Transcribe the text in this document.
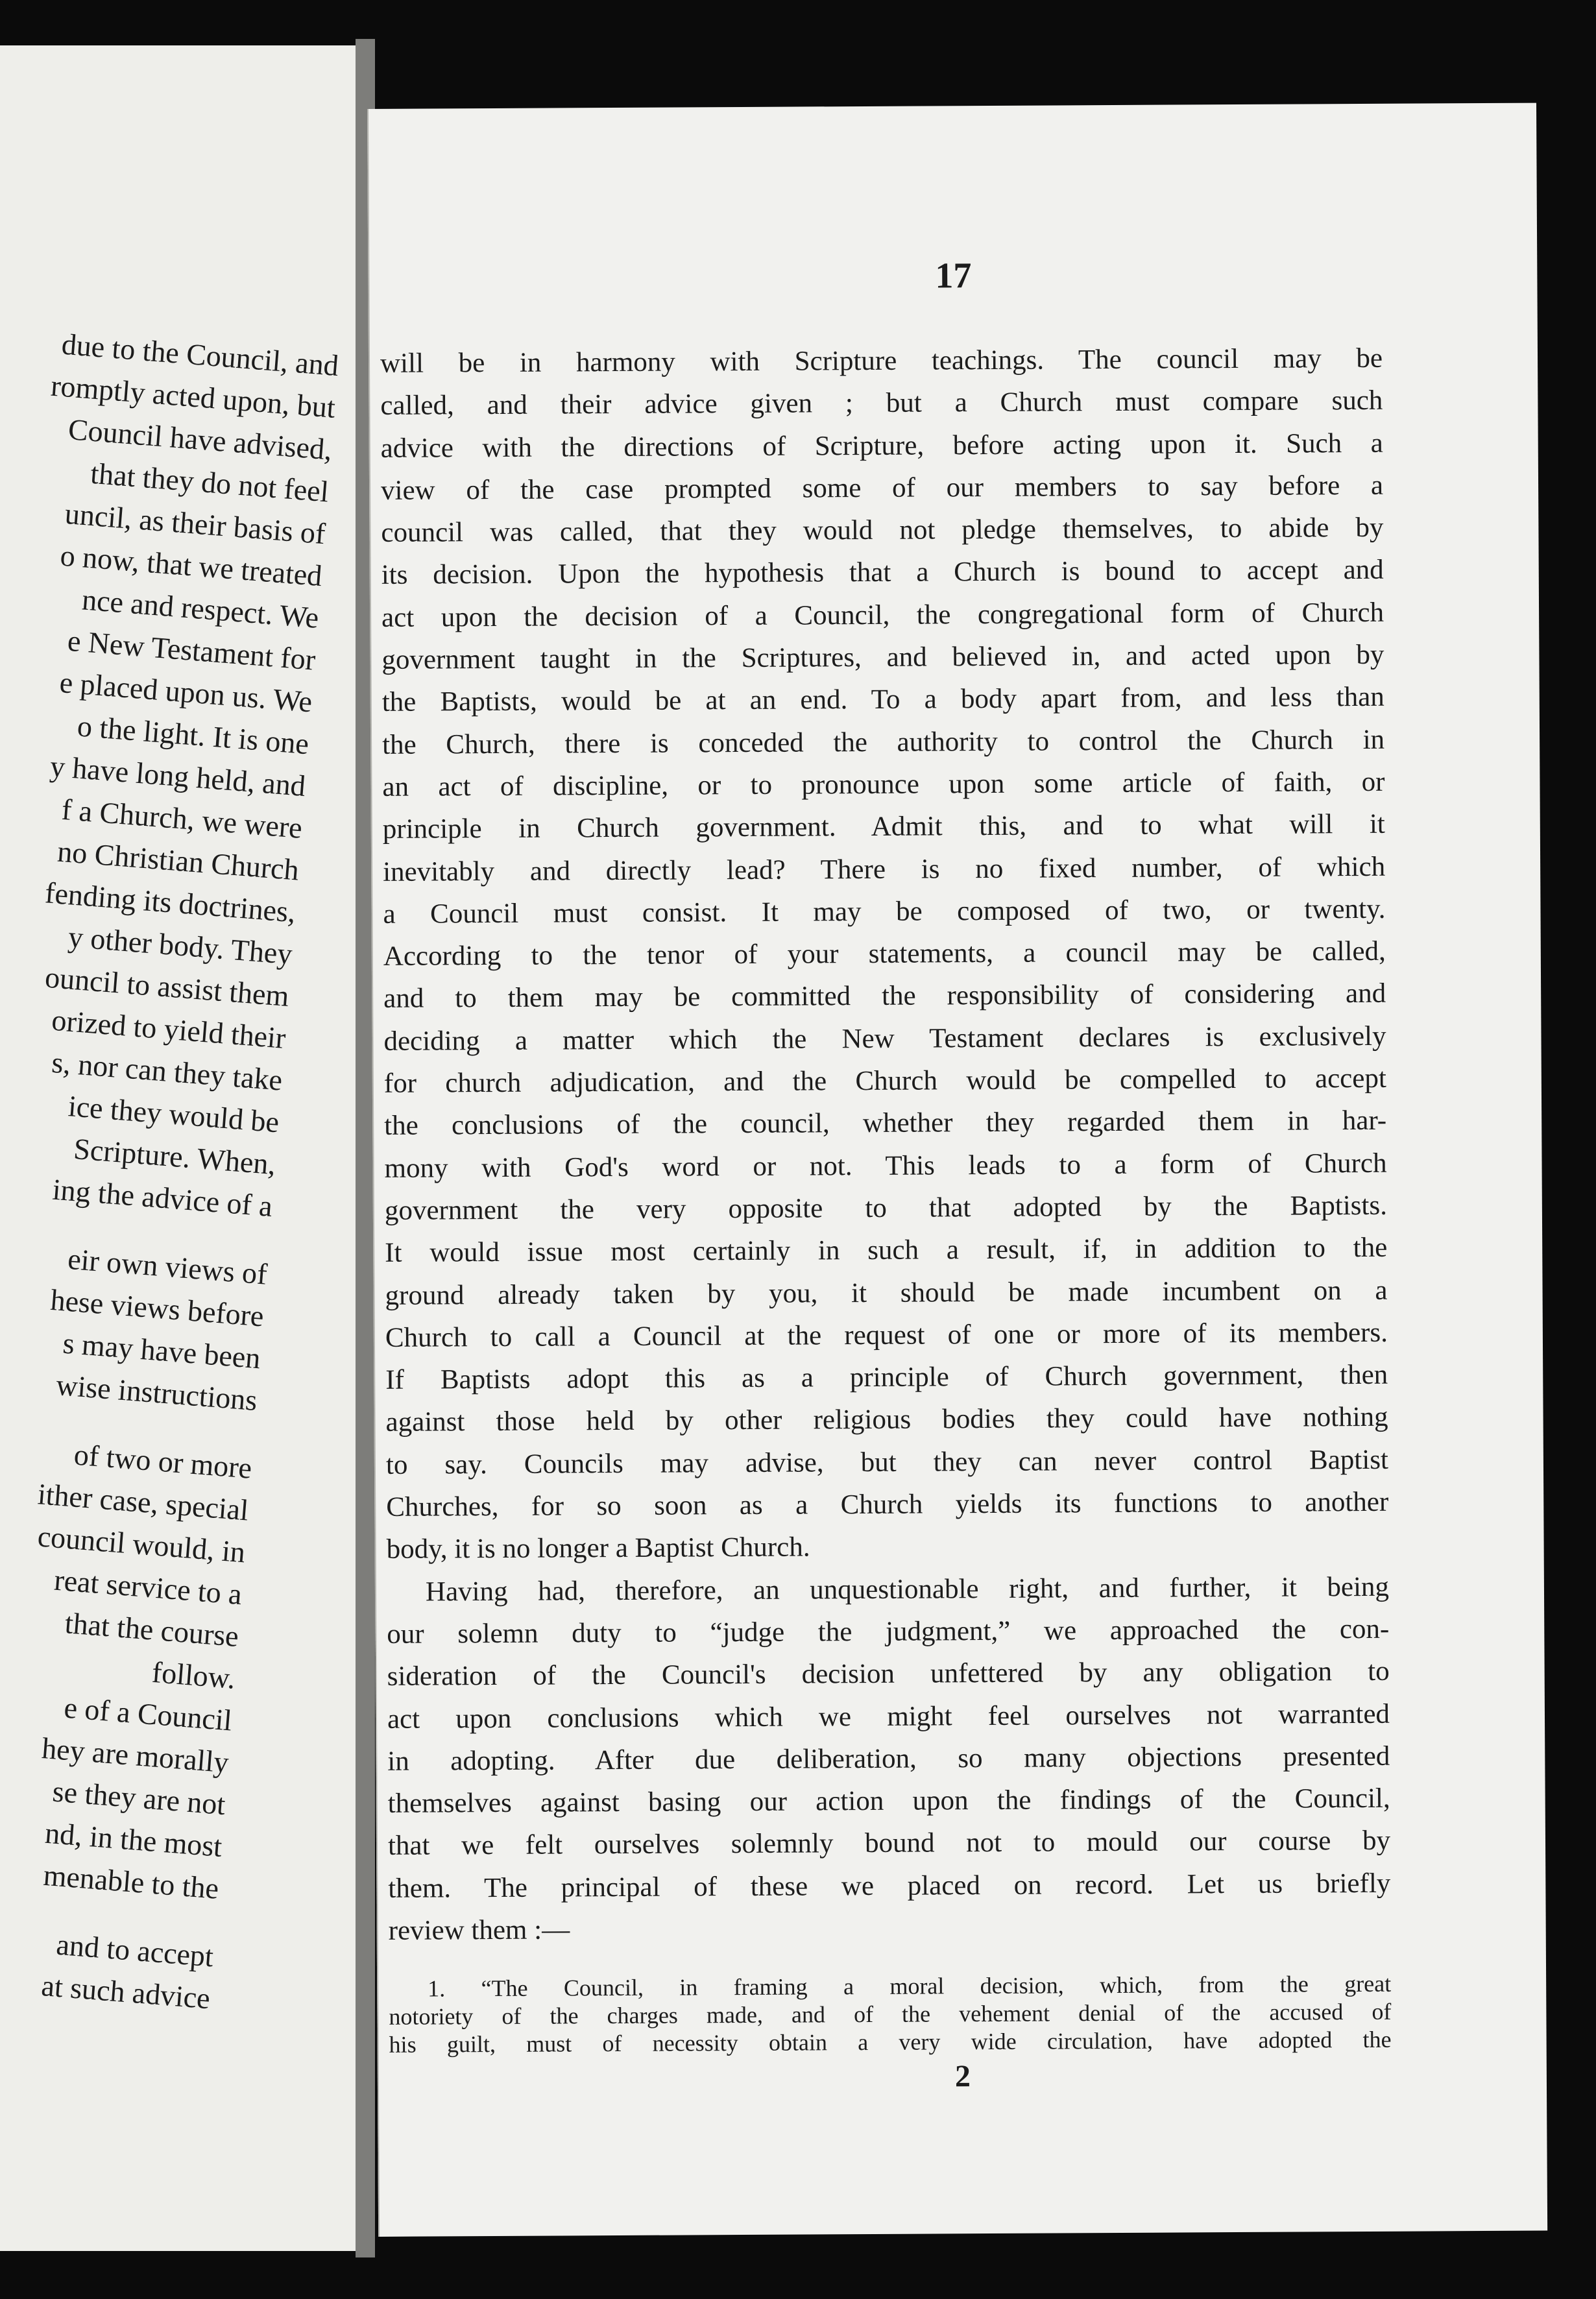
due to the Council, and
romptly acted upon, but
Council have advised,
that they do not feel
uncil, as their basis of
o now, that we treated
nce and respect. We
e New Testament for
e placed upon us. We
o the light. It is one
y have long held, and
f a Church, we were
no Christian Church
fending its doctrines,
y other body. They
ouncil to assist them
orized to yield their
s, nor can they take
ice they would be
Scripture. When,
ing the advice of a
eir own views of
hese views before
s may have been
wise instructions
of two or more
ither case, special
council would, in
reat service to a
that the course
follow.
e of a Council
hey are morally
se they are not
nd, in the most
menable to the
and to accept
at such advice
17
will be in harmony with Scripture teachings. The council may be
called, and their advice given ; but a Church must compare such
advice with the directions of Scripture, before acting upon it. Such a
view of the case prompted some of our members to say before a
council was called, that they would not pledge themselves, to abide by
its decision. Upon the hypothesis that a Church is bound to accept and
act upon the decision of a Council, the congregational form of Church
government taught in the Scriptures, and believed in, and acted upon by
the Baptists, would be at an end. To a body apart from, and less than
the Church, there is conceded the authority to control the Church in
an act of discipline, or to pronounce upon some article of faith, or
principle in Church government. Admit this, and to what will it
inevitably and directly lead? There is no fixed number, of which
a Council must consist. It may be composed of two, or twenty.
According to the tenor of your statements, a council may be called,
and to them may be committed the responsibility of considering and
deciding a matter which the New Testament declares is exclusively
for church adjudication, and the Church would be compelled to accept
the conclusions of the council, whether they regarded them in har-
mony with God's word or not. This leads to a form of Church
government the very opposite to that adopted by the Baptists.
It would issue most certainly in such a result, if, in addition to the
ground already taken by you, it should be made incumbent on a
Church to call a Council at the request of one or more of its members.
If Baptists adopt this as a principle of Church government, then
against those held by other religious bodies they could have nothing
to say. Councils may advise, but they can never control Baptist
Churches, for so soon as a Church yields its functions to another
body, it is no longer a Baptist Church.
Having had, therefore, an unquestionable right, and further, it being
our solemn duty to “judge the judgment,” we approached the con-
sideration of the Council's decision unfettered by any obligation to
act upon conclusions which we might feel ourselves not warranted
in adopting. After due deliberation, so many objections presented
themselves against basing our action upon the findings of the Council,
that we felt ourselves solemnly bound not to mould our course by
them. The principal of these we placed on record. Let us briefly
review them :—
1. “The Council, in framing a moral decision, which, from the great
notoriety of the charges made, and of the vehement denial of the accused of
his guilt, must of necessity obtain a very wide circulation, have adopted the
2
